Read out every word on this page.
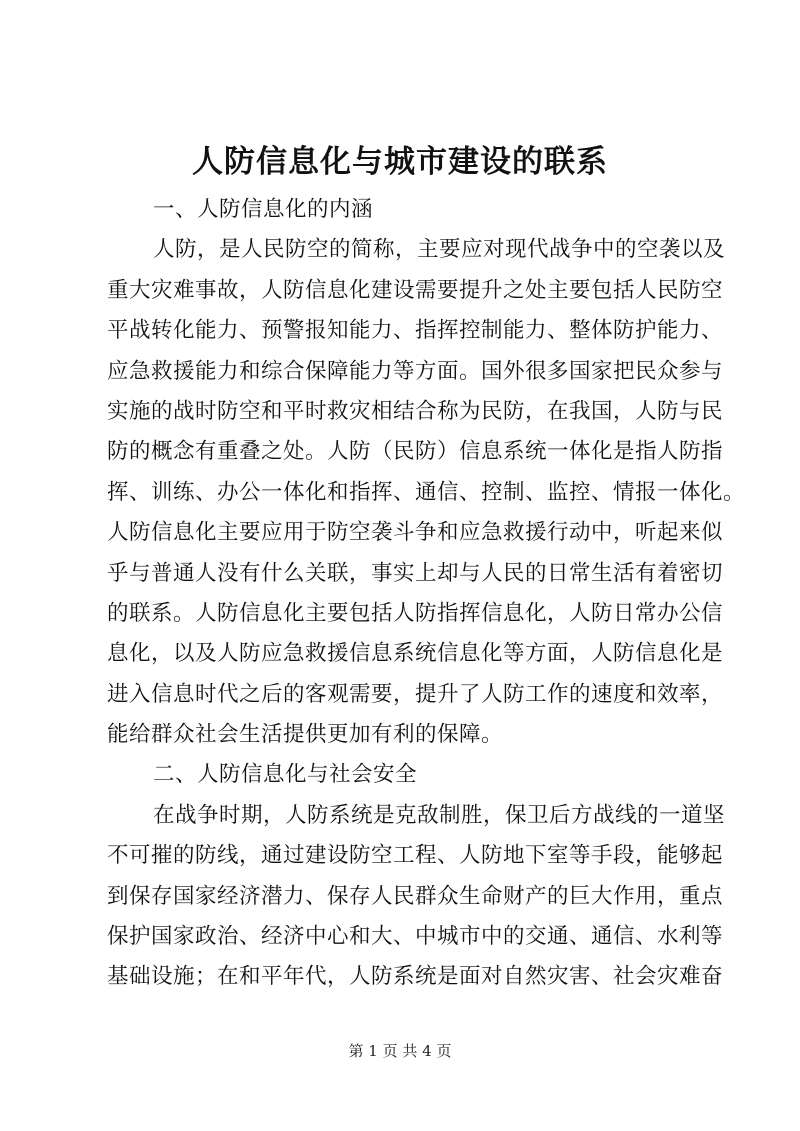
人防信息化与城市建设的联系
一、人防信息化的内涵
人防，是人民防空的简称，主要应对现代战争中的空袭以及
重大灾难事故，人防信息化建设需要提升之处主要包括人民防空
平战转化能力、预警报知能力、指挥控制能力、整体防护能力、
应急救援能力和综合保障能力等方面。国外很多国家把民众参与
实施的战时防空和平时救灾相结合称为民防，在我国，人防与民
防的概念有重叠之处。人防（民防）信息系统一体化是指人防指
挥、训练、办公一体化和指挥、通信、控制、监控、情报一体化。
人防信息化主要应用于防空袭斗争和应急救援行动中，听起来似
乎与普通人没有什么关联，事实上却与人民的日常生活有着密切
的联系。人防信息化主要包括人防指挥信息化，人防日常办公信
息化，以及人防应急救援信息系统信息化等方面，人防信息化是
进入信息时代之后的客观需要，提升了人防工作的速度和效率，
能给群众社会生活提供更加有利的保障。
二、人防信息化与社会安全
在战争时期，人防系统是克敌制胜，保卫后方战线的一道坚
不可摧的防线，通过建设防空工程、人防地下室等手段，能够起
到保存国家经济潜力、保存人民群众生命财产的巨大作用，重点
保护国家政治、经济中心和大、中城市中的交通、通信、水利等
基础设施；在和平年代，人防系统是面对自然灾害、社会灾难奋
第 1 页 共 4 页
